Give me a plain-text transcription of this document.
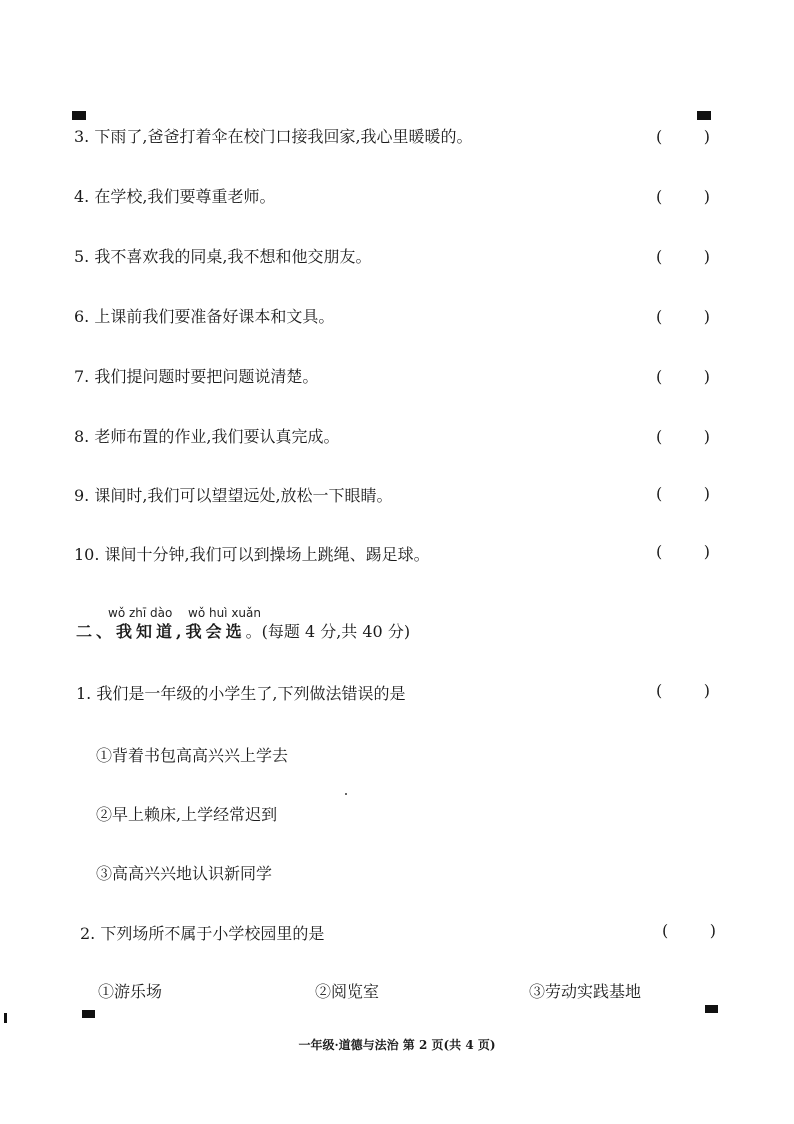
3. 下雨了,爸爸打着伞在校门口接我回家,我心里暖暖的。	(	)
4. 在学校,我们要尊重老师。	(	)
5. 我不喜欢我的同桌,我不想和他交朋友。	(	)
6. 上课前我们要准备好课本和文具。	(	)
7. 我们提问题时要把问题说清楚。	(	)
8. 老师布置的作业,我们要认真完成。	(	)
9. 课间时,我们可以望望远处,放松一下眼睛。	(	)
10. 课间十分钟,我们可以到操场上跳绳、踢足球。	(	)
wǒ zhī dào wǒ huì xuǎn
二、我知道,我会选。(每题 4 分,共 40 分)
1. 我们是一年级的小学生了,下列做法错误的是	(	)
①背着书包高高兴兴上学去
②早上赖床,上学经常迟到
③高高兴兴地认识新同学
2. 下列场所不属于小学校园里的是	(	)
①游乐场	②阅览室	③劳动实践基地
一年级·道德与法治 第 2 页(共 4 页)
